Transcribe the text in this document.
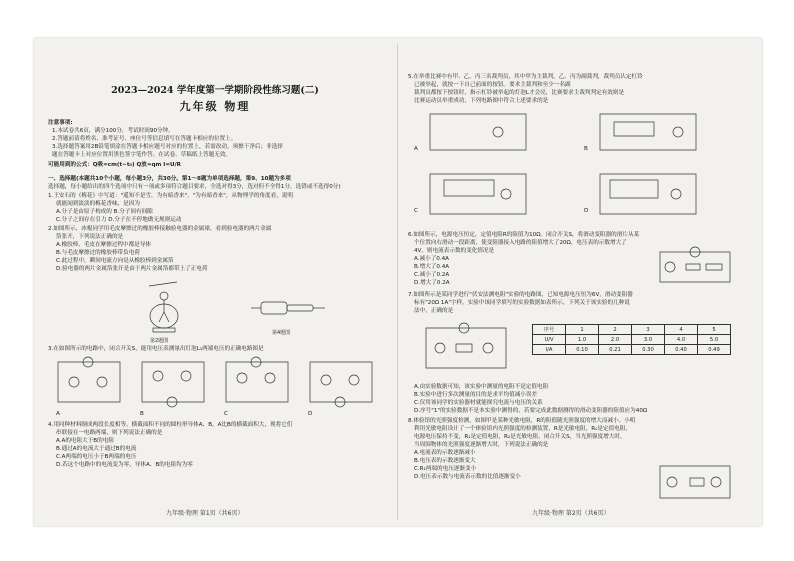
2023—2024 学年度第一学期阶段性练习题(二)
九年级 物理
注意事项:
1.本试卷共6页，满分100分，考试时间90分钟。
2.答题前请将姓名、准考证号、座位号等信息填写在答题卡相应的位置上。
3.选择题答案用2B铅笔填涂在答题卡相应题号对应的位置上，若需改动，须擦干净后；非选择
题在答题卡上对应位置用黑色签字笔作答。在试卷、草稿纸上答题无效。
可能用到的公式：Q吸=cm(t−t₀) Q放=qm I=U/R
一、选择题(本题共10个小题，每小题3分，共30分。第1～8题为单项选择题，第9、10题为多项
选择题，每小题给出的四个选项中只有一项或多项符合题目要求，全选对得3分，选对但不全得1分，选错或不选得0分)
1.王安石的《梅花》中写道："遥知不是雪，为有暗香来"。"为有暗香来"，从物理学的角度看，说明
就能闻到淡淡的梅花香味，是因为
A.分子是由原子构成的 B.分子间有间隙
C.分子之间存在引力 D.分子在不停地做无规则运动
2.如图所示，冰棍同学用毛皮摩擦过的橡胶棒接触验电器的金属球，看到验电器的两片金属
箔张开，下列说法正确的是
A.橡胶棒、毛皮在摩擦过程中都是导体
B.与毛皮摩擦过的橡胶棒带负电荷
C.此过程中，瞬间电流方向是从橡胶棒到金属箔
D.验电器的两片金属箔张开是由于两片金属箔都带上了正电荷
第2题图
第4题图
3.在如图所示的电路中，闭合开关S，能用电压表测量出灯泡L₁两端电压的正确电路图是
A	B	C	D
4.用同种材料制成两段长度相等、横截面积不同的圆柱形导体A、B，A比B的横截面积大，现将它们
串联接在一电路两端，则下列说法正确的是
A.A的电阻大于B的电阻
B.通过A的电流大于通过B的电流
C.A两端的电压小于B两端的电压
D.若这个电路中的电流变为零，导体A、B的电阻均为零
九年级·物理 第1页（共6页）
5.在举重比赛中有甲、乙、丙三名裁判员，其中甲为主裁判，乙、丙为副裁判，裁判员认定杠铃
已被举起，就按一下自己前面的按钮。要求主裁判和至少一名副
裁判员都按下按钮时，指示杠铃被举起的灯泡L才会亮，比赛要求主裁判判定有效则是
比赛运动员举重成功，下列电路图中符合上述要求的是
A	B
C	D
6.如图所示，电源电压恒定，定值电阻R的阻值为10Ω。闭合开关S，将滑动变阻器的滑片从某
个位置向右滑动一段距离，使变阻器接入电路的阻值增大了20Ω，电压表的示数增大了
4V，则电流表示数的变化情况是
A.减小了0.4A
B.增大了0.4A
C.减小了0.2A
D.增大了0.2A
7.如图所示是某同学进行"伏安法测电阻"实验的电路图，已知电源电压恒为6V，滑动变阻器
标有"20Ω 1A"字样，实验中该同学填写的实验数据如表所示，下列关于该实验的几种说
法中，正确的是
序号	1	2	3	4	5
U/V	1.0	2.0	3.0	4.0	5.0
I/A	0.10	0.21	0.30	0.40	0.49
A.由实验数据可知，该实验中测量的电阻不是定值电阻
B.实验中进行多次测量的目的是求平均值减小误差
C.仅用该同学的实验器材就能探究电流与电压的关系
D.序号"1"的实验数据不是本实验中测得的，若要完成此数据测得的滑动变阻器的阻值应为40Ω
8.体验馆的光照强度检测，如图甲是某种光敏电阻，R的阻值随光照强度的增大而减小。小明
利用光敏电阻设计了一个体验馆内光照强度的检测装置，R是光敏电阻，R₀是定值电阻，
电源电压保持不变，R₁是定值电阻，R₂是光敏电阻，闭合开关S，当光照强度增大时，
当周围物体的光照强度逐渐增大时，下列说法正确的是
A.电流表的示数逐渐减小
B.电压表的示数逐渐变大
C.R₁两端的电压逐渐变小
D.电压表示数与电流表示数的比值逐渐变小
九年级·物理 第2页（共6页）
